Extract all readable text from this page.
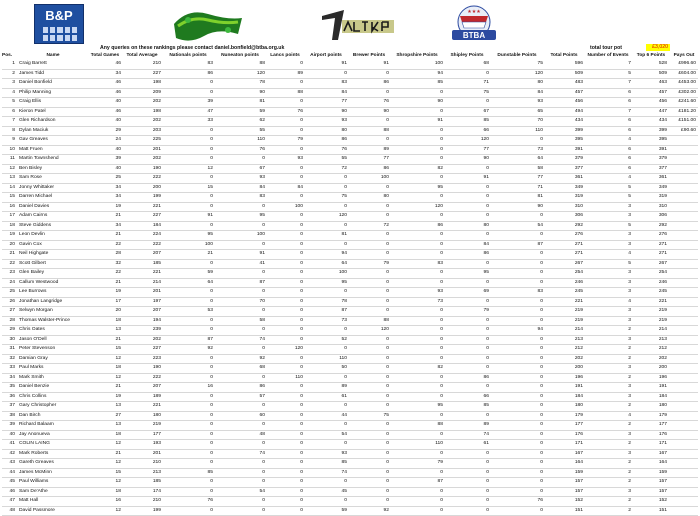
B&P
BTBA
★★★
Any queries on these rankings please contact daniel.bonfield@btba.org.uk	total tour pot	£3,020
Pos.	Name	Total Games	Total Average	Nationals points	Nuneaton points	Lancs points	Airport points	Brewer Points	Shropshire Points	Shipley Points	Dunstable Points	Total Points	Number of Events	Top 6 Points	Pays Out
1	Craig Barrett	46	210	83	88	0	91	91	100	68	75	596	7	528	£996.60
2	James Tidd	34	227	86	120	89	0	0	94	0	120	509	5	509	£604.00
3	Daniel Bonfield	46	198	0	78	0	83	86	85	71	80	483	7	463	£453.00
4	Philip Manning	46	209	0	90	88	84	0	0	75	84	457	6	457	£302.00
5	Craig Ellis	40	202	39	81	0	77	76	90	0	93	456	6	456	£241.60
6	Kieron Patel	46	198	47	59	76	90	90	0	67	65	494	7	447	£181.20
7	Glen Richardson	40	202	33	62	0	93	0	91	85	70	434	6	434	£151.00
8	Dylan Maciuk	29	203	0	55	0	80	88	0	66	110	399	6	399	£90.60
9	Gav Greaves	24	225	0	110	79	86	0	0	120	0	395	4	395	
10	Matt Fruen	40	201	0	76	0	76	89	0	77	73	391	6	391	
11	Martin Townshend	39	202	0	0	93	55	77	0	90	64	379	6	379	
12	Ben Bisley	40	190	12	67	0	72	86	82	0	58	377	6	377	
13	Sam Rose	25	222	0	93	0	0	100	0	91	77	361	4	361	
14	Jonny Whittaker	34	200	15	84	84	0	0	95	0	71	349	5	349	
15	Darren Michael	34	199	0	83	0	75	80	0	0	81	319	5	319	
16	Daniel Davies	19	221	0	0	100	0	0	120	0	90	310	3	310	
17	Adam Cairns	21	227	91	95	0	120	0	0	0	0	306	3	306	
18	Steve Giddens	34	184	0	0	0	0	72	86	80	54	292	5	292	
19	Leon Devlin	21	224	95	100	0	81	0	0	0	0	276	3	276	
20	Gavin Cox	22	222	100	0	0	0	0	0	84	87	271	3	271	
21	Neil Highgate	28	207	21	91	0	94	0	0	86	0	271	4	271	
22	Scott Gilbert	32	185	0	41	0	64	79	83	0	0	267	5	267	
23	Glen Bailey	22	221	59	0	0	100	0	0	95	0	254	3	254	
24	Callum Westwood	21	214	64	87	0	95	0	0	0	0	246	3	246	
25	Lee Burrows	19	201	0	0	0	0	0	93	69	83	245	3	245	
26	Jonathan Langridge	17	197	0	70	0	78	0	73	0	0	221	4	221	
27	Selwyn Morgan	20	207	53	0	0	87	0	0	79	0	219	3	219	
28	Thomas Walster-Prince	18	194	0	58	0	73	88	0	0	0	219	3	219	
29	Chris Oates	13	239	0	0	0	0	120	0	0	94	214	2	214	
30	Jason O'Dell	21	202	87	74	0	52	0	0	0	0	213	3	213	
31	Peter Stevenson	15	227	92	0	120	0	0	0	0	0	212	2	212	
32	Damian Gray	12	223	0	92	0	110	0	0	0	0	202	2	202	
33	Paul Marks	18	190	0	68	0	50	0	82	0	0	200	3	200	
34	Mark Smith	12	222	0	0	110	0	0	0	86	0	196	2	196	
35	Daniel Benzie	21	207	16	86	0	89	0	0	0	0	191	3	191	
36	Chris Collins	19	189	0	57	0	61	0	0	66	0	184	3	184	
37	Gary Christopher	13	221	0	0	0	0	0	95	85	0	180	2	180	
38	Dan Birch	27	180	0	60	0	44	75	0	0	0	179	4	179	
39	Richard Balaam	13	219	0	0	0	0	0	88	89	0	177	2	177	
40	Jay Anonueva	18	177	0	48	0	54	0	0	74	0	176	3	176	
41	COLIN LAING	12	193	0	0	0	0	0	110	61	0	171	2	171	
42	Mark Roberts	21	201	0	74	0	93	0	0	0	0	167	3	167	
43	Gareth Greaves	12	210	0	0	0	85	0	79	0	0	164	2	164	
44	James McMinn	15	213	85	0	0	74	0	0	0	0	159	2	159	
45	Paul Williams	12	185	0	0	0	0	0	87	0	0	157	2	157	
46	Sam De'Athe	18	174	0	54	0	45	0	0	0	0	157	3	157	
47	Matt Hall	16	210	76	0	0	0	0	0	0	76	152	2	152	
48	David Passmore	12	199	0	0	0	59	92	0	0	0	151	2	151	
